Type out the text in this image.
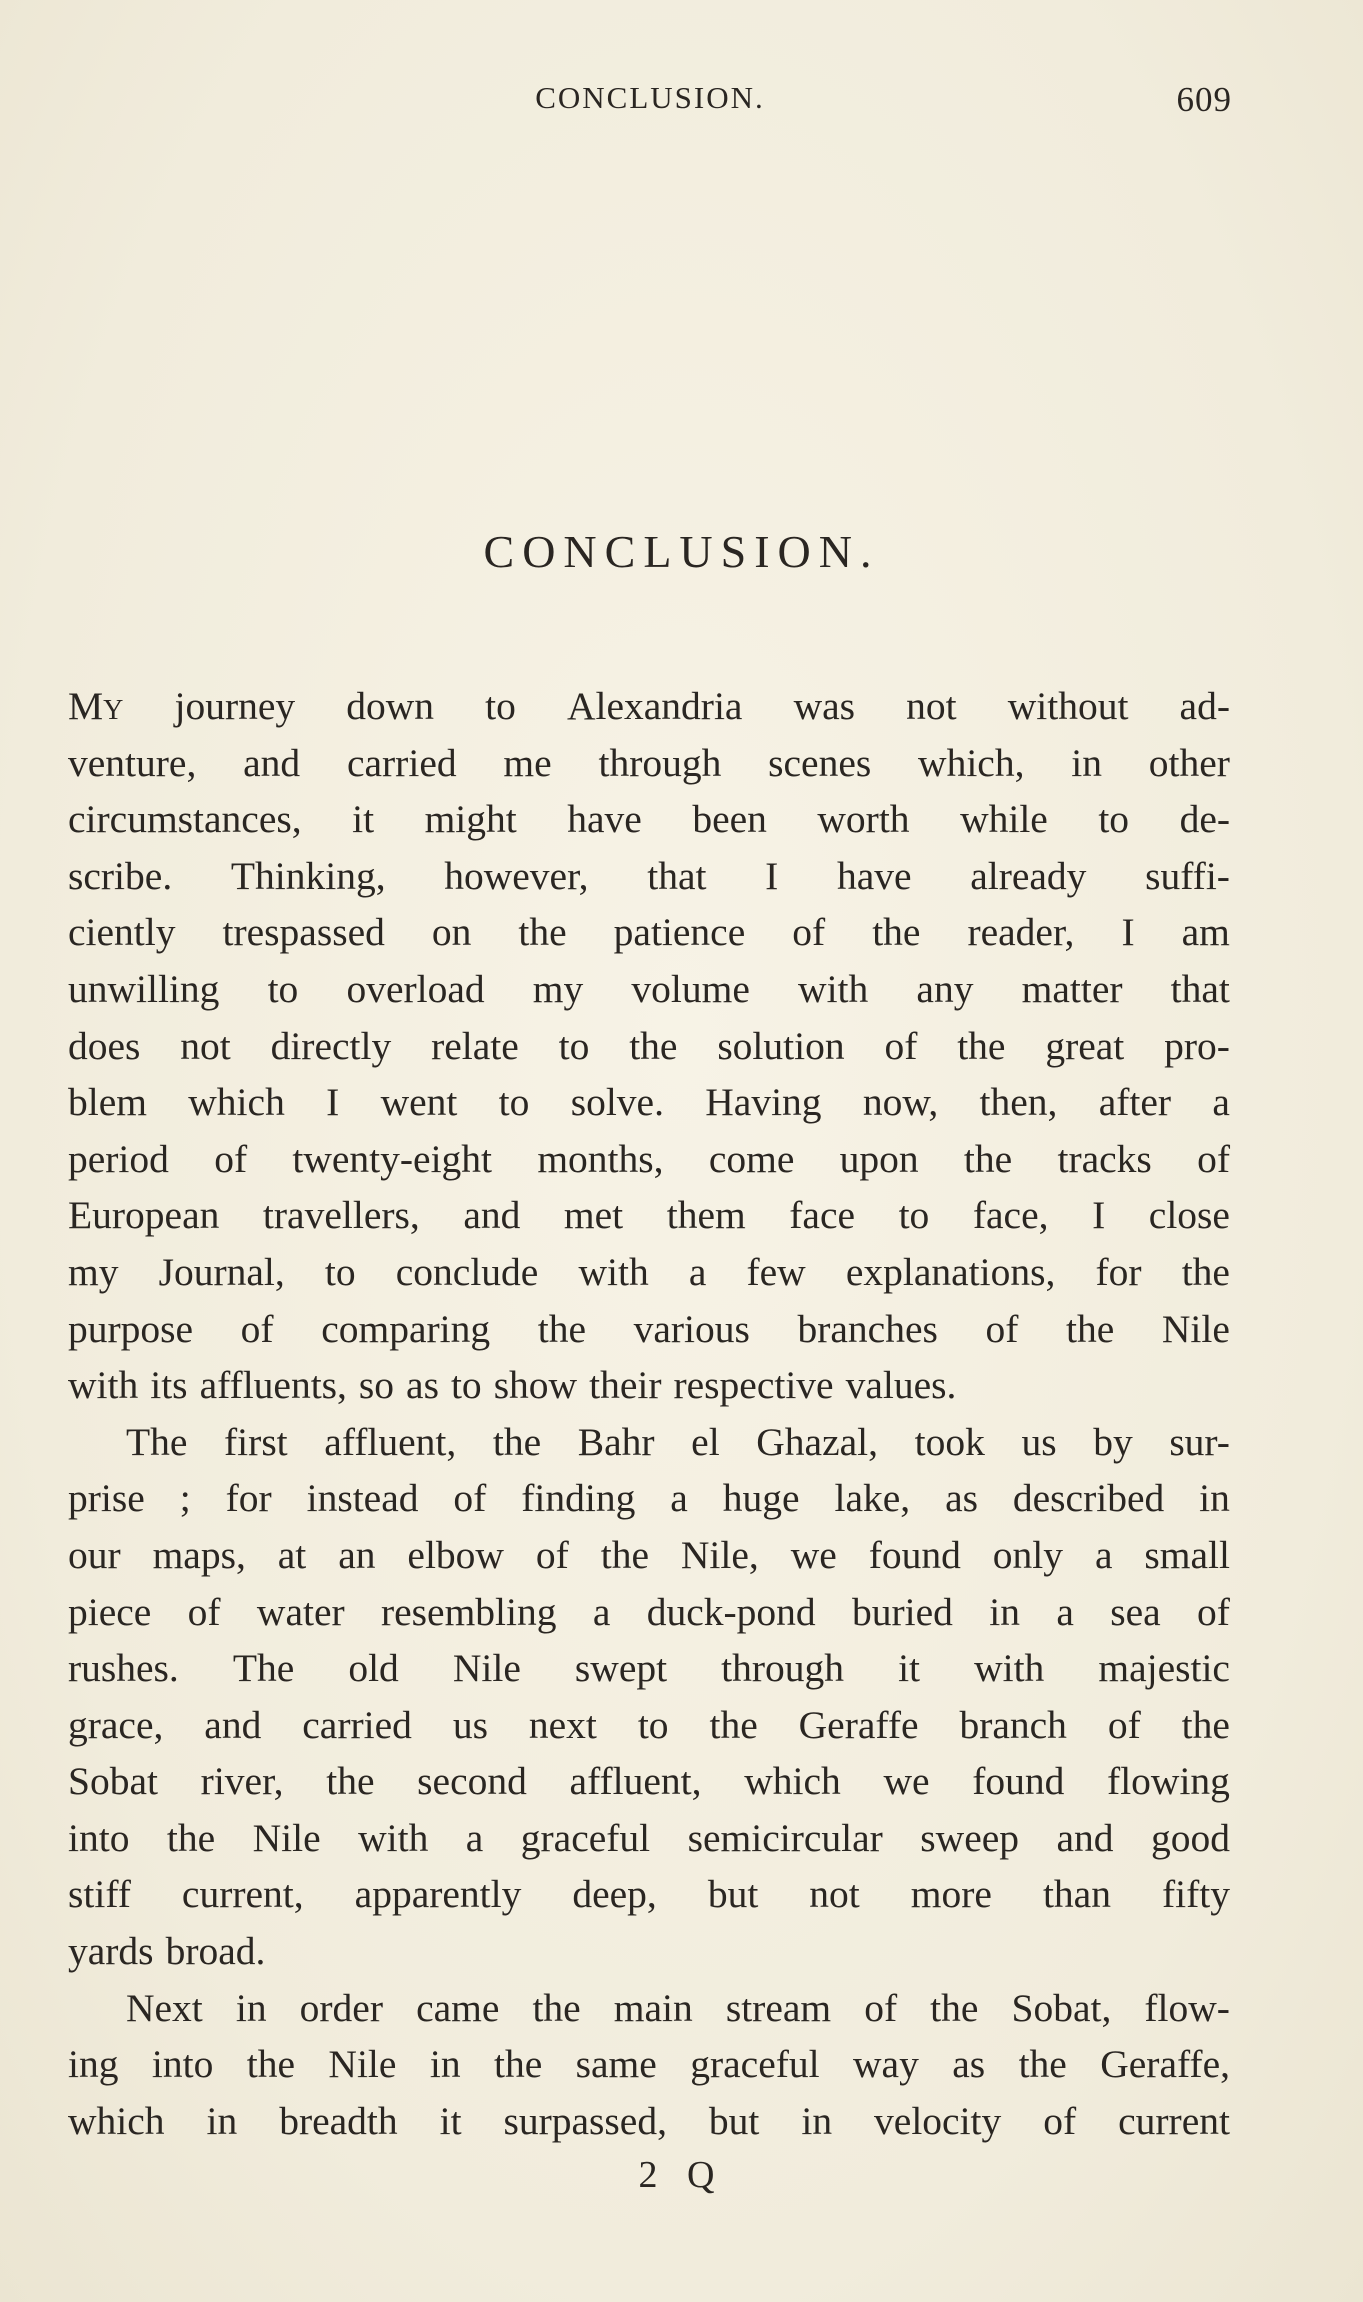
CONCLUSION.	609
CONCLUSION.
My journey down to Alexandria was not without ad-
venture, and carried me through scenes which, in other
circumstances, it might have been worth while to de-
scribe. Thinking, however, that I have already suffi-
ciently trespassed on the patience of the reader, I am
unwilling to overload my volume with any matter that
does not directly relate to the solution of the great pro-
blem which I went to solve. Having now, then, after a
period of twenty-eight months, come upon the tracks of
European travellers, and met them face to face, I close
my Journal, to conclude with a few explanations, for the
purpose of comparing the various branches of the Nile
with its affluents, so as to show their respective values.
The first affluent, the Bahr el Ghazal, took us by sur-
prise ; for instead of finding a huge lake, as described in
our maps, at an elbow of the Nile, we found only a small
piece of water resembling a duck-pond buried in a sea of
rushes. The old Nile swept through it with majestic
grace, and carried us next to the Geraffe branch of the
Sobat river, the second affluent, which we found flowing
into the Nile with a graceful semicircular sweep and good
stiff current, apparently deep, but not more than fifty
yards broad.
Next in order came the main stream of the Sobat, flow-
ing into the Nile in the same graceful way as the Geraffe,
which in breadth it surpassed, but in velocity of current
2 Q
